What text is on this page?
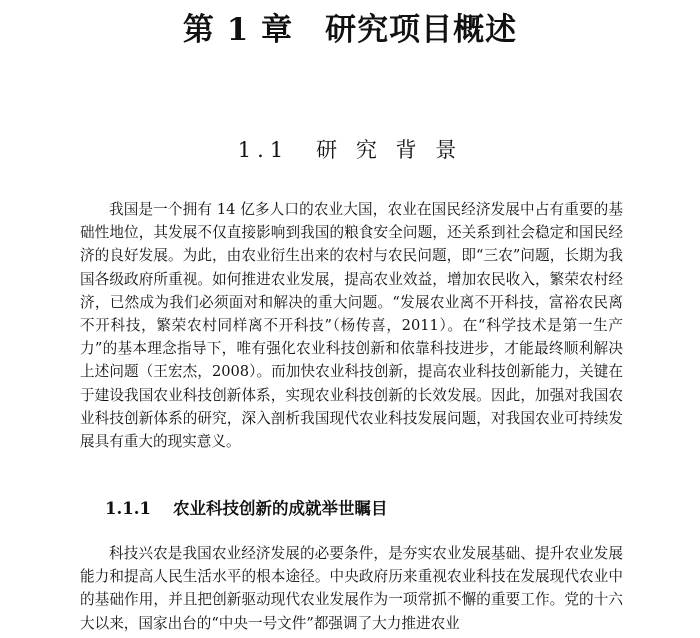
第 1 章　研究项目概述
1.1　研 究 背 景

我国是一个拥有 14 亿多人口的农业大国，农业在国民经济发展中占有重要的基础性地位，其发展不仅直接影响到我国的粮食安全问题，还关系到社会稳定和国民经济的良好发展。为此，由农业衍生出来的农村与农民问题，即“三农”问题，长期为我国各级政府所重视。如何推进农业发展，提高农业效益，增加农民收入，繁荣农村经济，已然成为我们必须面对和解决的重大问题。“发展农业离不开科技，富裕农民离不开科技，繁荣农村同样离不开科技”（杨传喜，2011）。在“科学技术是第一生产力”的基本理念指导下，唯有强化农业科技创新和依靠科技进步，才能最终顺利解决上述问题（王宏杰，2008）。而加快农业科技创新，提高农业科技创新能力，关键在于建设我国农业科技创新体系，实现农业科技创新的长效发展。因此，加强对我国农业科技创新体系的研究，深入剖析我国现代农业科技发展问题，对我国农业可持续发展具有重大的现实意义。

1.1.1 农业科技创新的成就举世瞩目

科技兴农是我国农业经济发展的必要条件，是夯实农业发展基础、提升农业发展能力和提高人民生活水平的根本途径。中央政府历来重视农业科技在发展现代农业中的基础作用，并且把创新驱动现代农业发展作为一项常抓不懈的重要工作。党的十六大以来，国家出台的“中央一号文件”都强调了大力推进农业
